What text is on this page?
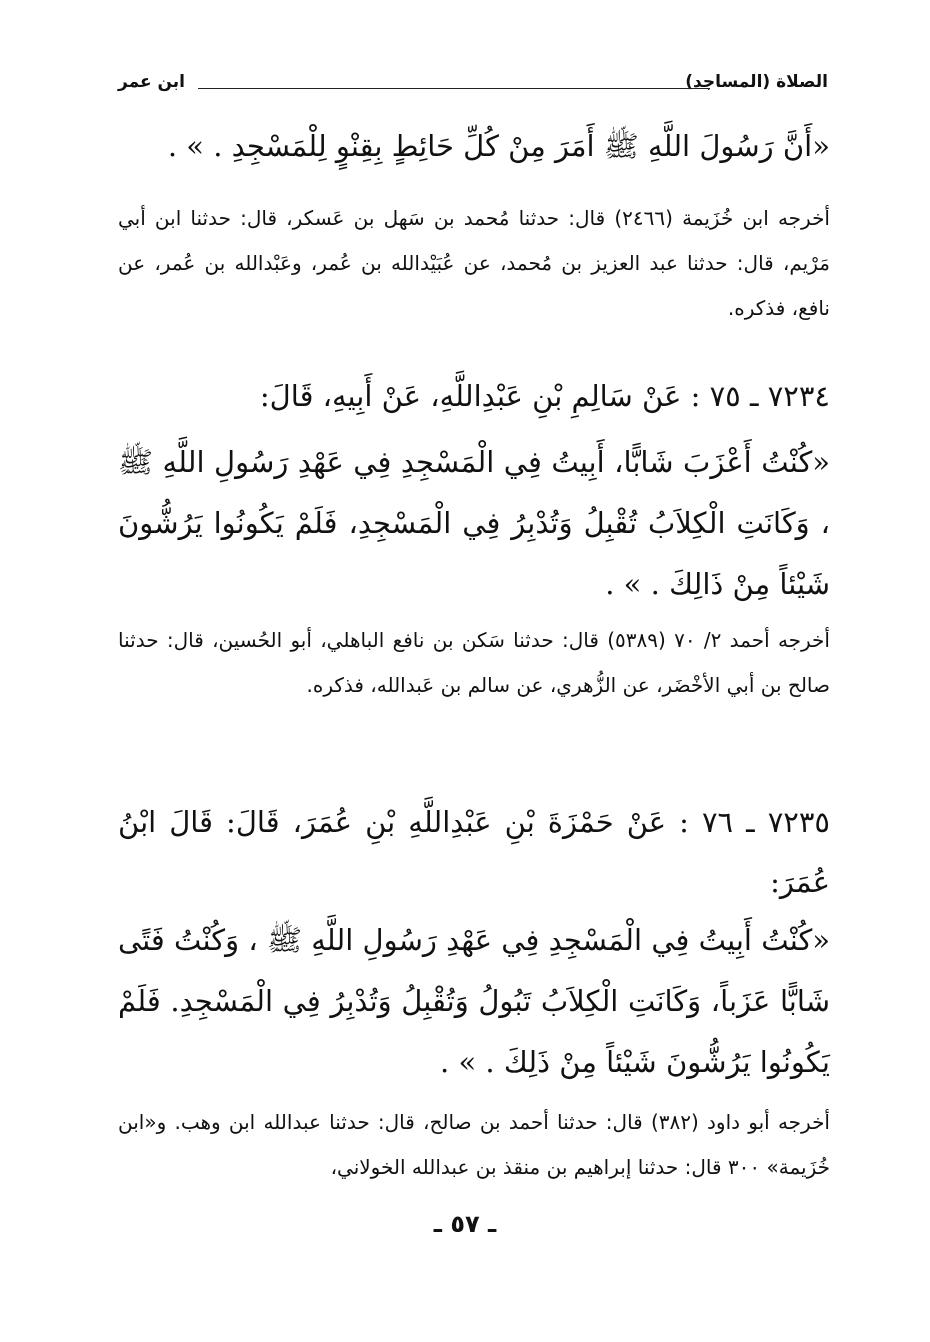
الصلاة (المساجد)
ابن عمر
«أَنَّ رَسُولَ اللَّهِ ﷺ أَمَرَ مِنْ كُلِّ حَائِطٍ بِقِنْوٍ لِلْمَسْجِدِ . » .
أخرجه ابن خُزَيمة (٢٤٦٦) قال: حدثنا مُحمد بن سَهل بن عَسكر، قال: حدثنا ابن أبي مَرْيم، قال: حدثنا عبد العزيز بن مُحمد، عن عُبَيْدالله بن عُمر، وعَبْدالله بن عُمر، عن نافع، فذكره.
٧٢٣٤ ـ ٧٥ : عَنْ سَالِمِ بْنِ عَبْدِاللَّهِ، عَنْ أَبِيهِ، قَالَ:
«كُنْتُ أَعْزَبَ شَابًّا، أَبِيتُ فِي الْمَسْجِدِ فِي عَهْدِ رَسُولِ اللَّهِ ﷺ ، وَكَانَتِ الْكِلاَبُ تُقْبِلُ وَتُدْبِرُ فِي الْمَسْجِدِ، فَلَمْ يَكُونُوا يَرُشُّونَ شَيْئاً مِنْ ذَالِكَ . » .
أخرجه أحمد ٢/ ٧٠ (٥٣٨٩) قال: حدثنا سَكن بن نافع الباهلي، أبو الحُسين، قال: حدثنا صالح بن أبي الأخْضَر، عن الزُّهري، عن سالم بن عَبدالله، فذكره.
٧٢٣٥ ـ ٧٦ : عَنْ حَمْزَةَ بْنِ عَبْدِاللَّهِ بْنِ عُمَرَ، قَالَ: قَالَ ابْنُ عُمَرَ:
«كُنْتُ أَبِيتُ فِي الْمَسْجِدِ فِي عَهْدِ رَسُولِ اللَّهِ ﷺ ، وَكُنْتُ فَتًى شَابًّا عَزَباً، وَكَانَتِ الْكِلاَبُ تَبُولُ وَتُقْبِلُ وَتُدْبِرُ فِي الْمَسْجِدِ. فَلَمْ يَكُونُوا يَرُشُّونَ شَيْئاً مِنْ ذَلِكَ . » .
أخرجه أبو داود (٣٨٢) قال: حدثنا أحمد بن صالح، قال: حدثنا عبدالله ابن وهب. و«ابن خُزَيمة» ٣٠٠ قال: حدثنا إبراهيم بن منقذ بن عبدالله الخولاني،
ـ ٥٧ ـ
